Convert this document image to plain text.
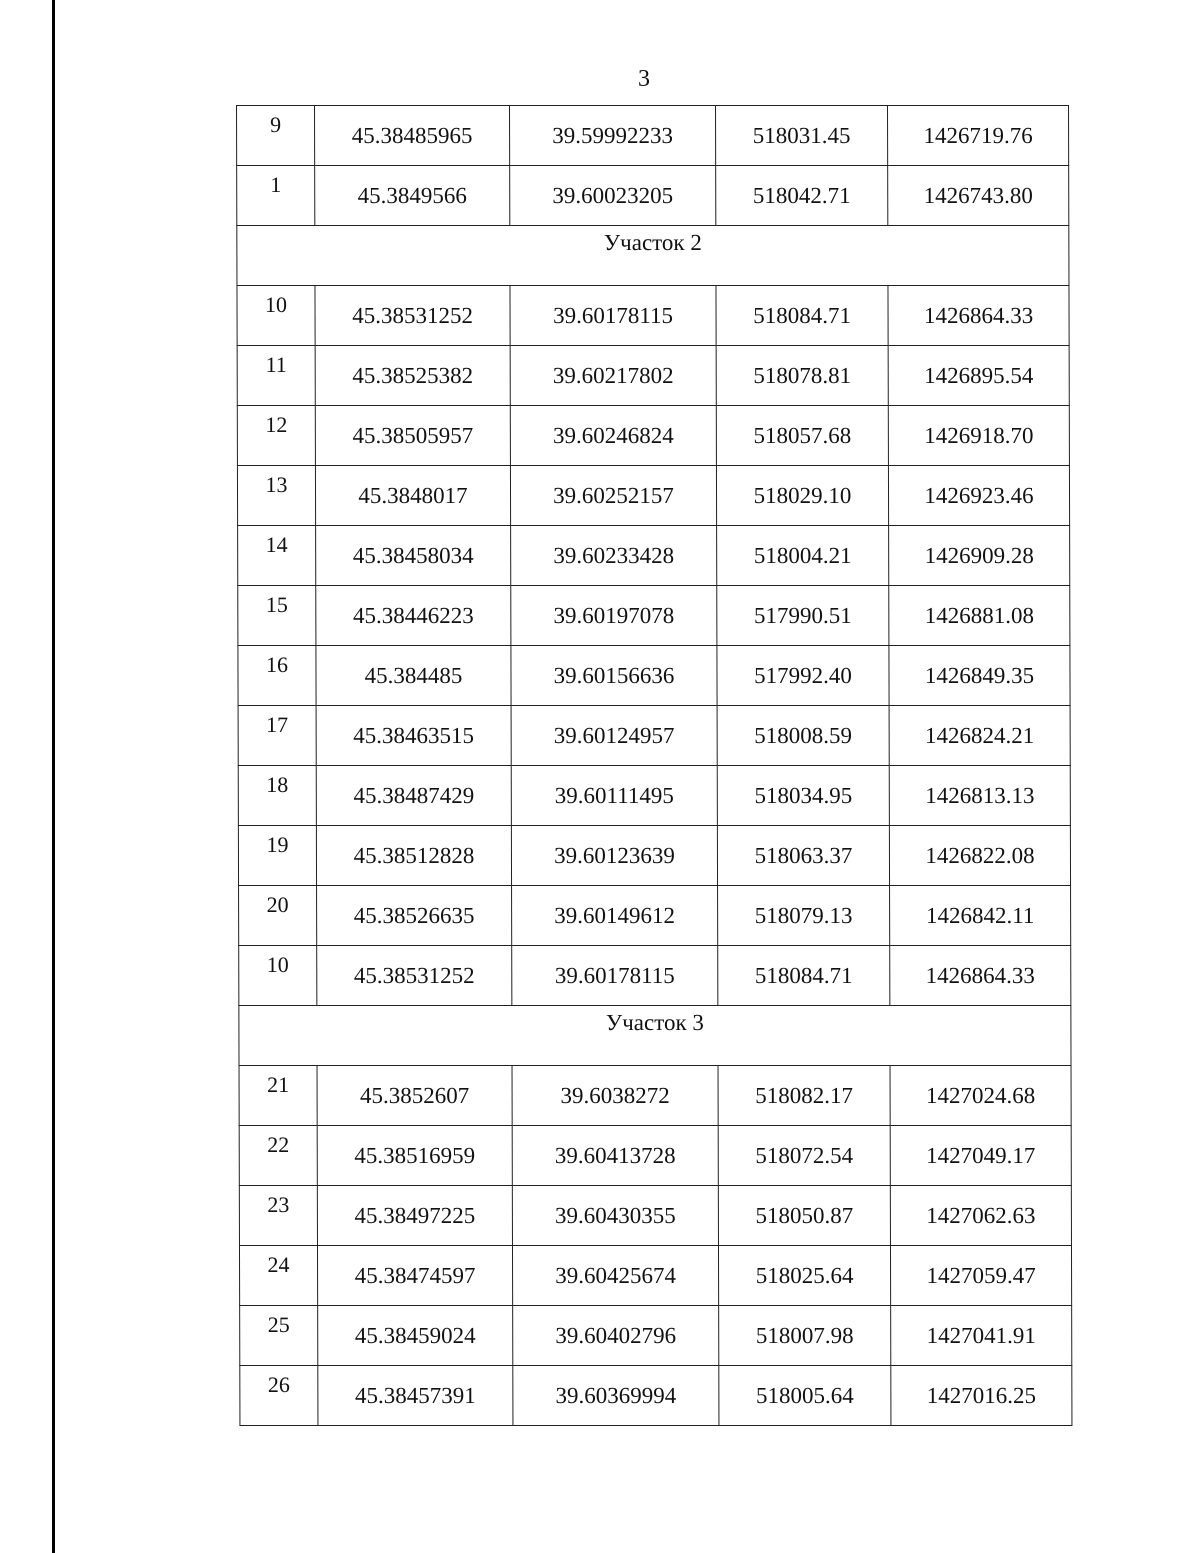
3
9	45.38485965	39.59992233	518031.45	1426719.76
1	45.3849566	39.60023205	518042.71	1426743.80
Участок 2				
10	45.38531252	39.60178115	518084.71	1426864.33
11	45.38525382	39.60217802	518078.81	1426895.54
12	45.38505957	39.60246824	518057.68	1426918.70
13	45.3848017	39.60252157	518029.10	1426923.46
14	45.38458034	39.60233428	518004.21	1426909.28
15	45.38446223	39.60197078	517990.51	1426881.08
16	45.384485	39.60156636	517992.40	1426849.35
17	45.38463515	39.60124957	518008.59	1426824.21
18	45.38487429	39.60111495	518034.95	1426813.13
19	45.38512828	39.60123639	518063.37	1426822.08
20	45.38526635	39.60149612	518079.13	1426842.11
10	45.38531252	39.60178115	518084.71	1426864.33
Участок 3				
21	45.3852607	39.6038272	518082.17	1427024.68
22	45.38516959	39.60413728	518072.54	1427049.17
23	45.38497225	39.60430355	518050.87	1427062.63
24	45.38474597	39.60425674	518025.64	1427059.47
25	45.38459024	39.60402796	518007.98	1427041.91
26	45.38457391	39.60369994	518005.64	1427016.25
